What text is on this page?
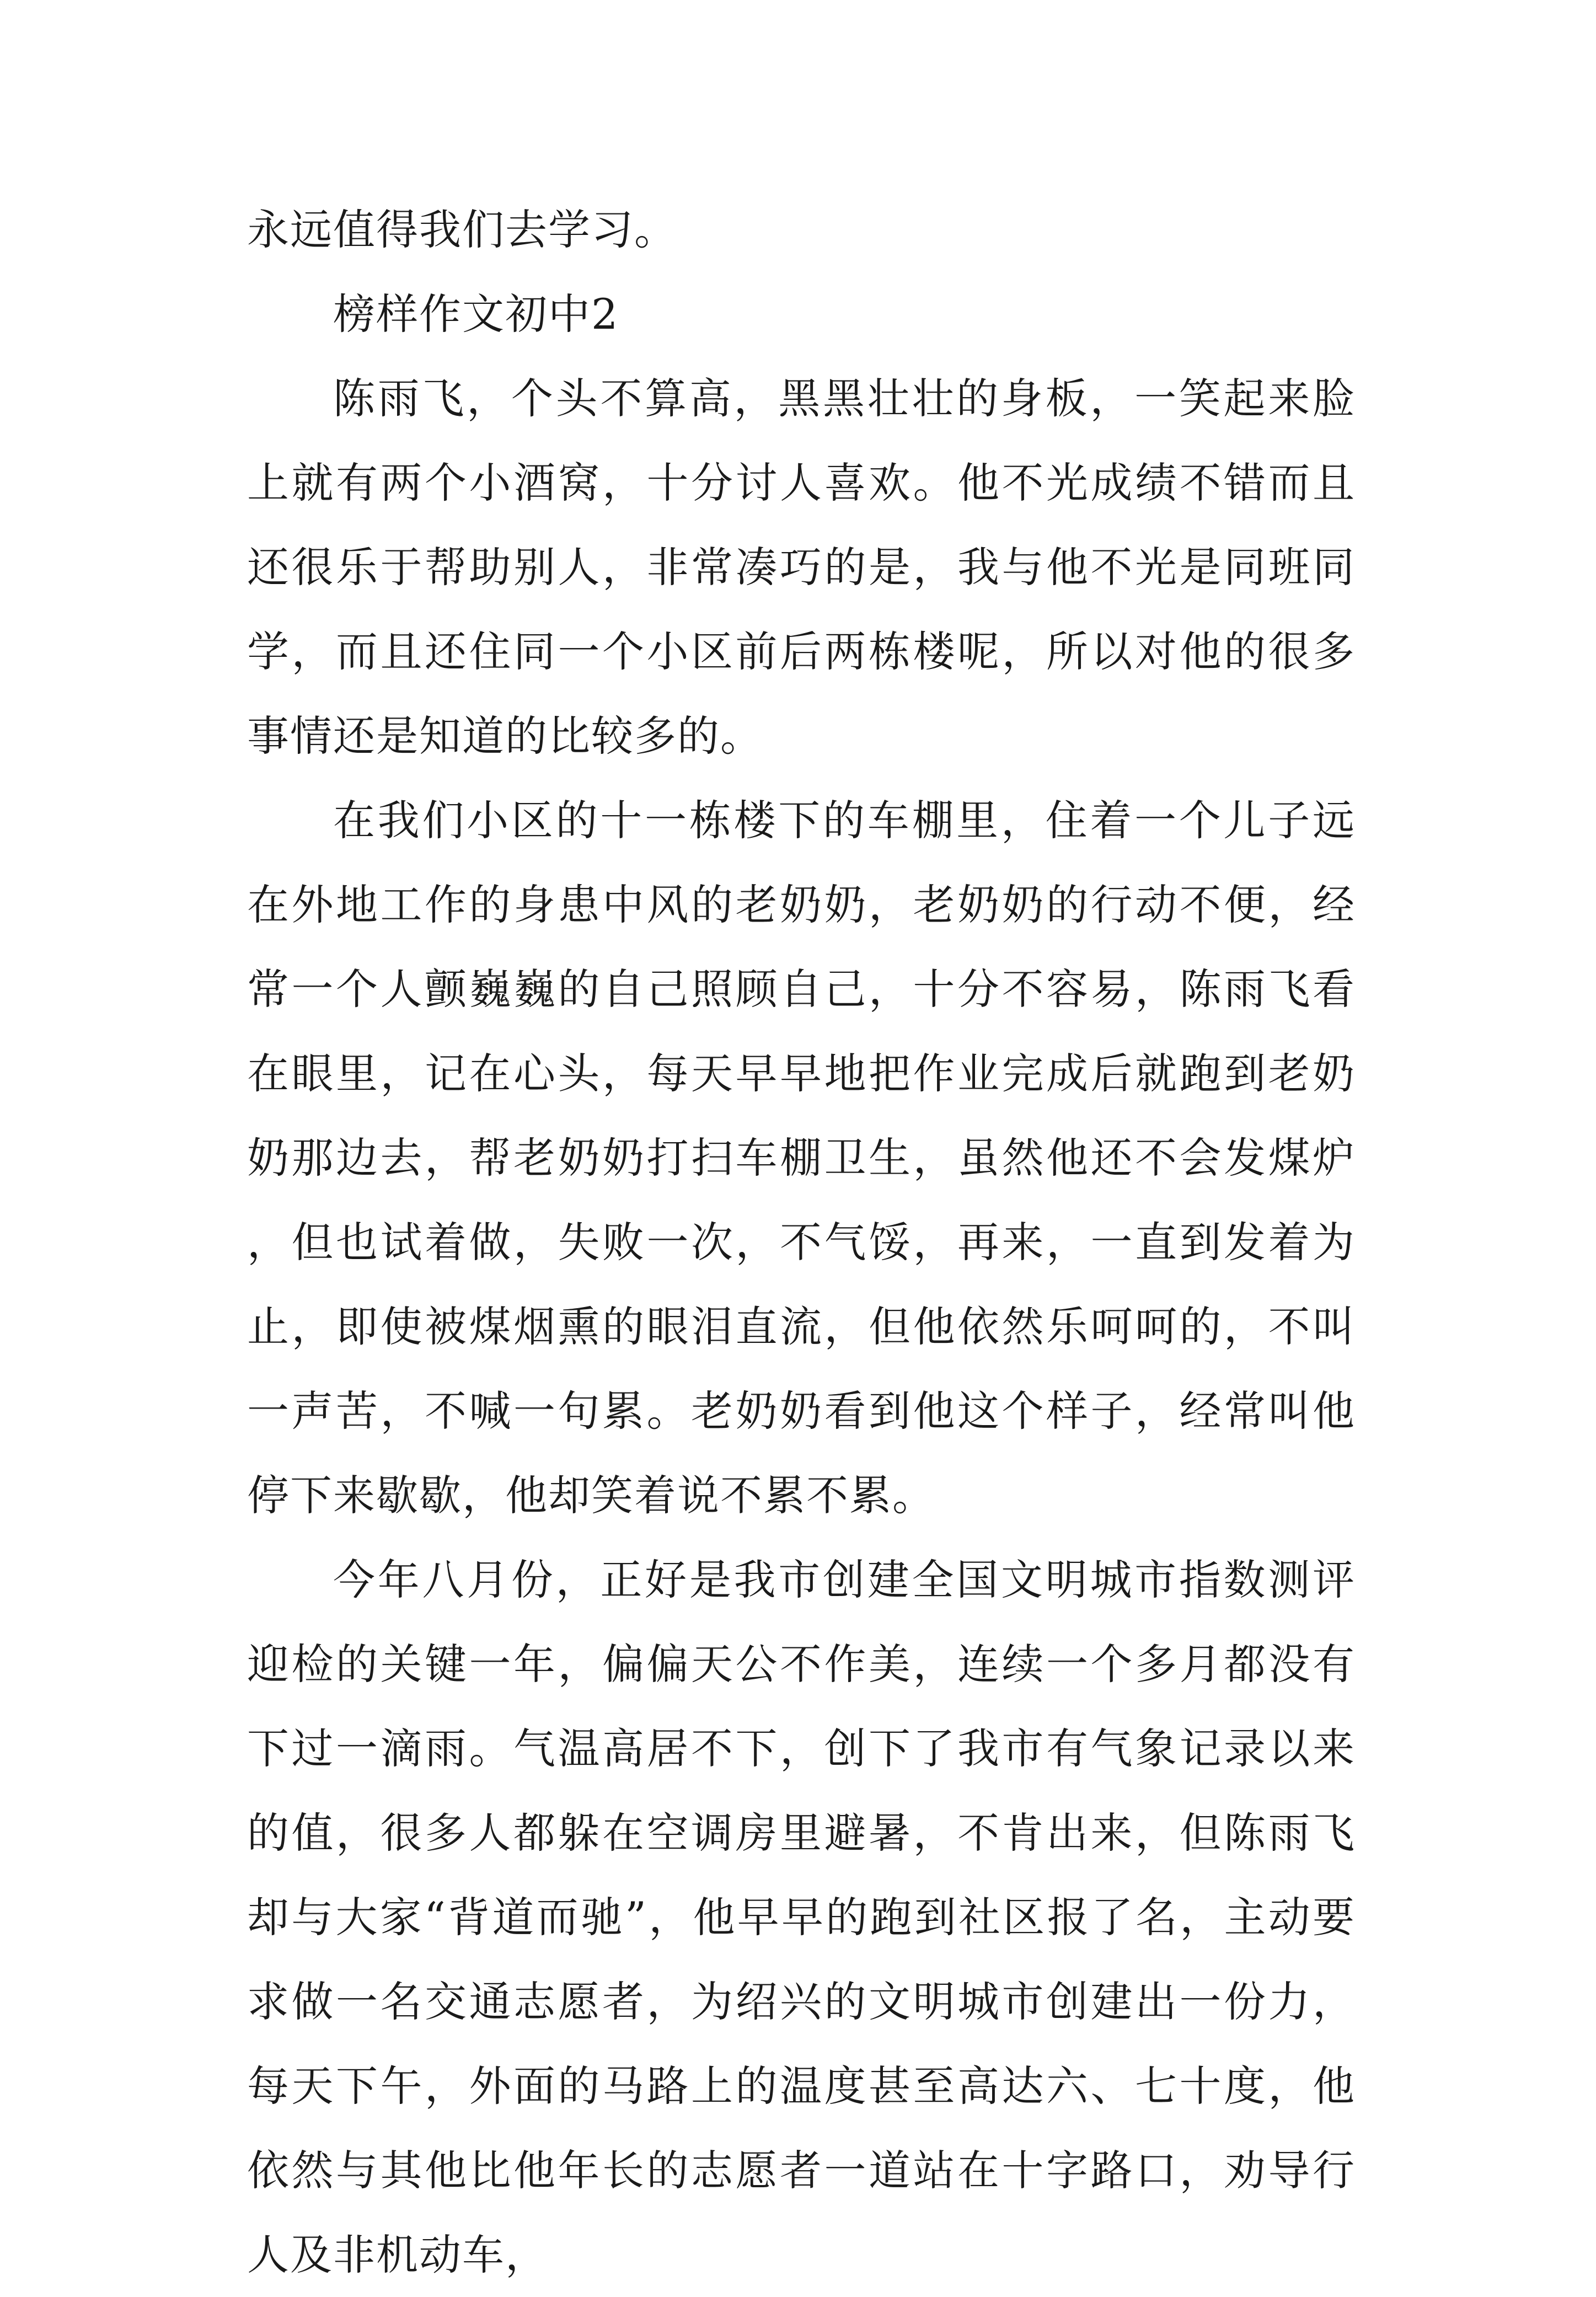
永远值得我们去学习。

榜样作文初中2

陈雨飞，个头不算高，黑黑壮壮的身板，一笑起来脸上就有两个小酒窝，十分讨人喜欢。他不光成绩不错而且还很乐于帮助别人，非常凑巧的是，我与他不光是同班同学，而且还住同一个小区前后两栋楼呢，所以对他的很多事情还是知道的比较多的。

在我们小区的十一栋楼下的车棚里，住着一个儿子远在外地工作的身患中风的老奶奶，老奶奶的行动不便，经常一个人颤巍巍的自己照顾自己，十分不容易，陈雨飞看在眼里，记在心头，每天早早地把作业完成后就跑到老奶奶那边去，帮老奶奶打扫车棚卫生，虽然他还不会发煤炉，但也试着做，失败一次，不气馁，再来，一直到发着为止，即使被煤烟熏的眼泪直流，但他依然乐呵呵的，不叫一声苦，不喊一句累。老奶奶看到他这个样子，经常叫他停下来歇歇，他却笑着说不累不累。

今年八月份，正好是我市创建全国文明城市指数测评迎检的关键一年，偏偏天公不作美，连续一个多月都没有下过一滴雨。气温高居不下，创下了我市有气象记录以来的值，很多人都躲在空调房里避暑，不肯出来，但陈雨飞却与大家“背道而驰”，他早早的跑到社区报了名，主动要求做一名交通志愿者，为绍兴的文明城市创建出一份力，每天下午，外面的马路上的温度甚至高达六、七十度，他依然与其他比他年长的志愿者一道站在十字路口，劝导行人及非机动车，
